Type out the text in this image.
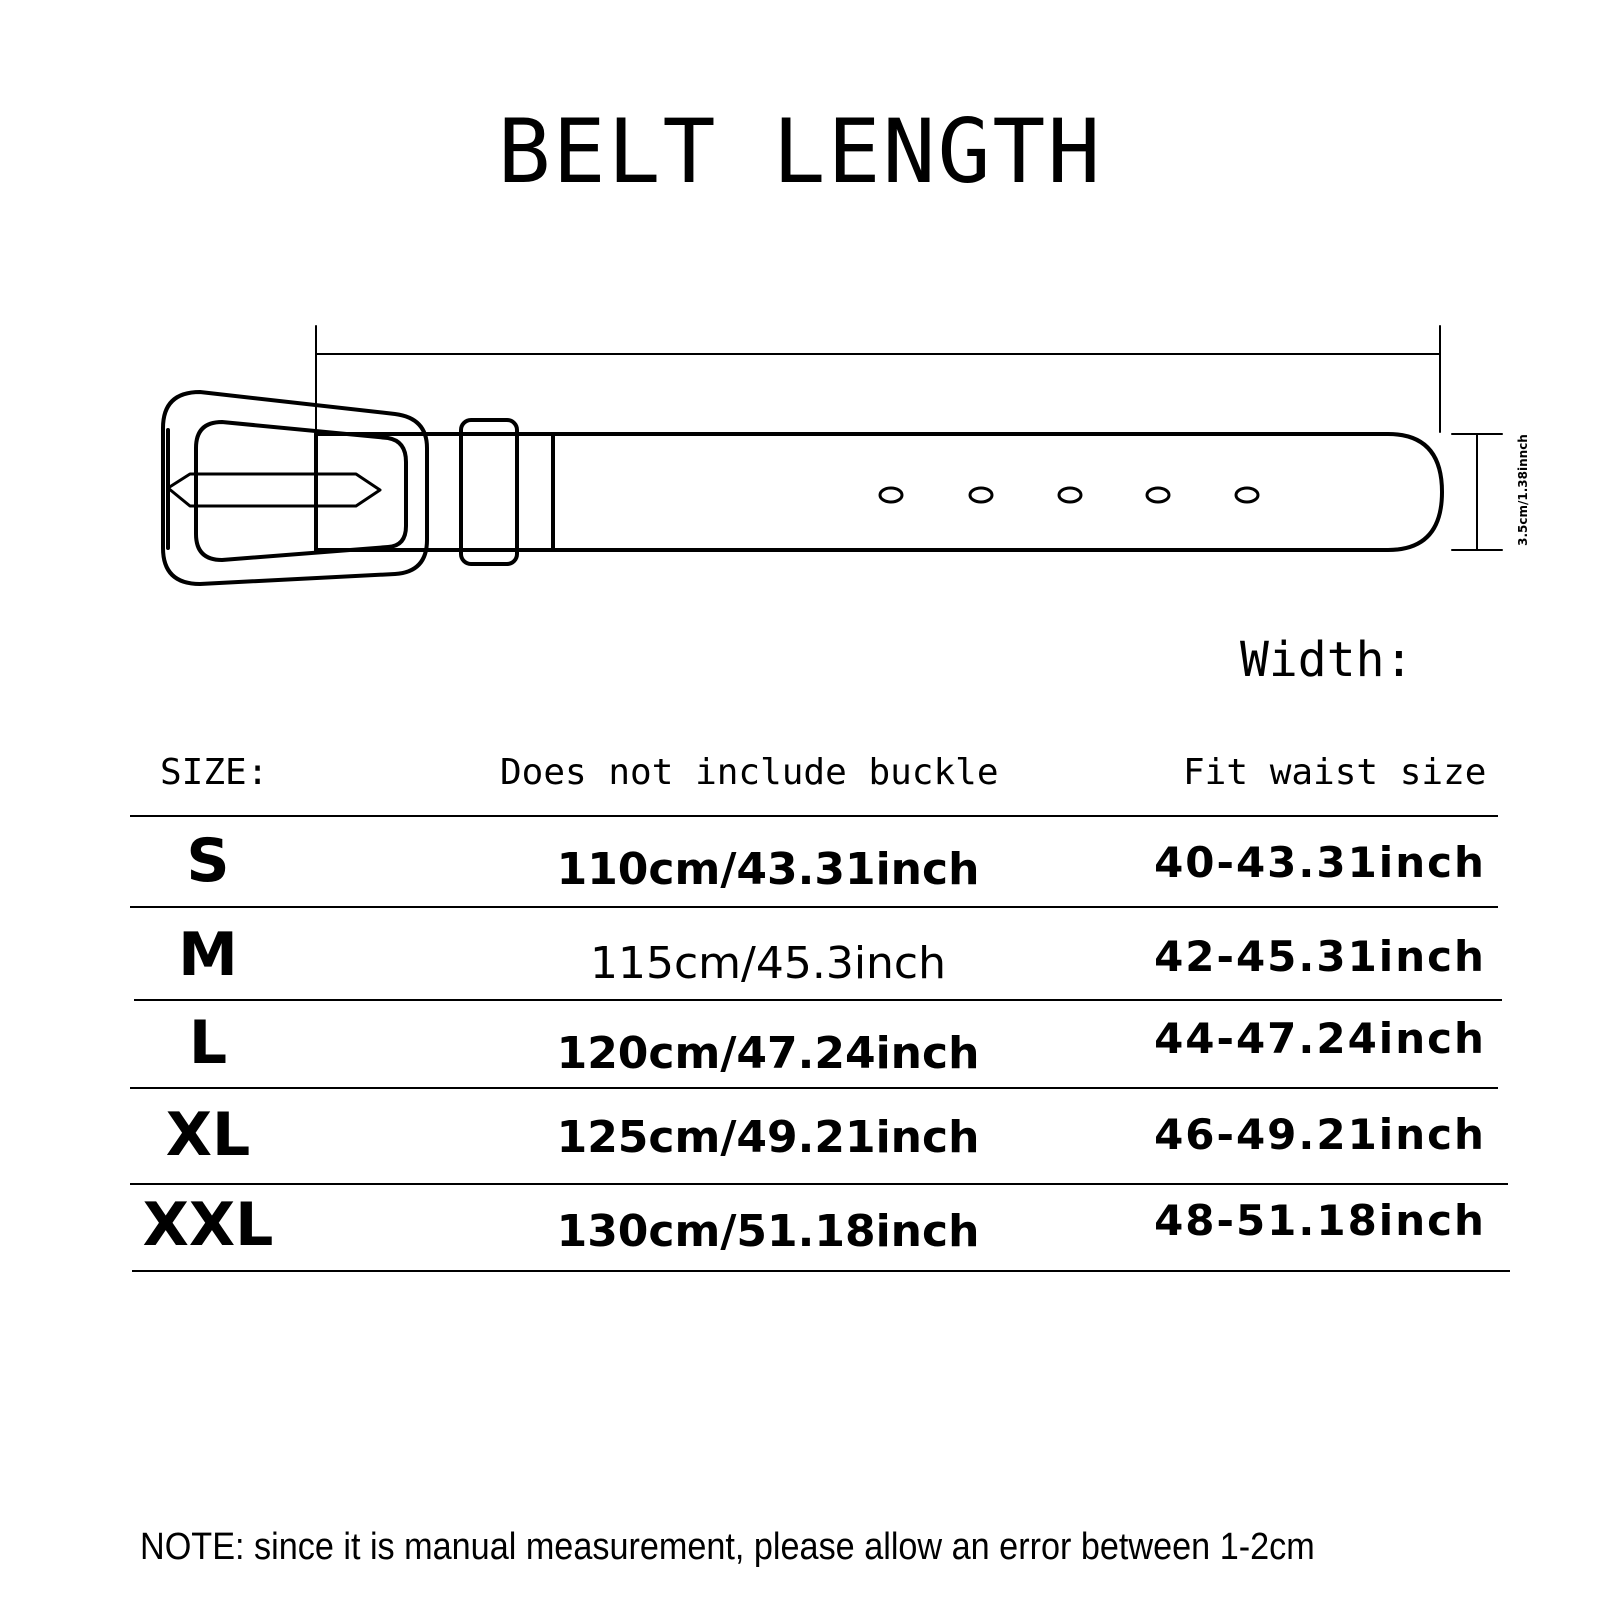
BELT LENGTH
3.5cm/1.38innch
Width:
SIZE:	Does not include buckle	Fit waist size
S	110cm/43.31inch	40-43.31inch
M	115cm/45.3inch	42-45.31inch
L	120cm/47.24inch	44-47.24inch
XL	125cm/49.21inch	46-49.21inch
XXL	130cm/51.18inch	48-51.18inch
NOTE: since it is manual measurement, please allow an error between 1-2cm
